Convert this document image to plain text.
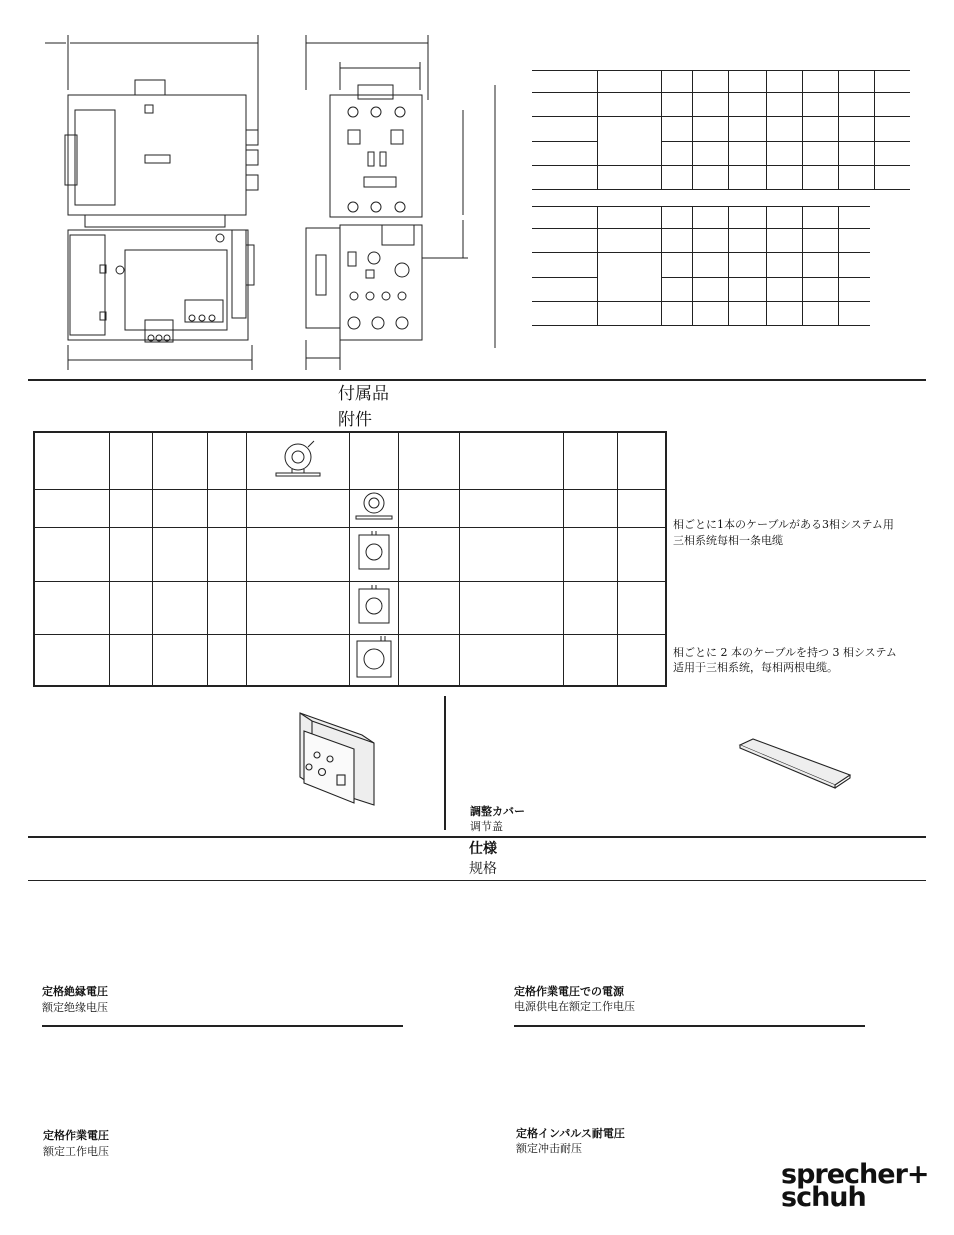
付属品
附件

相ごとに1本のケーブルがある3相システム用
三相系统每相一条电缆
相ごとに 2 本のケーブルを持つ 3 相システム
适用于三相系统，每相两根电缆。
調整カバー
调节盖
仕様
规格
定格絶縁電圧
额定绝缘电压
定格作業電圧での電源
电源供电在额定工作电压
定格作業電圧
额定工作电压
定格インパルス耐電圧
额定冲击耐压
sprecher+
schuh
